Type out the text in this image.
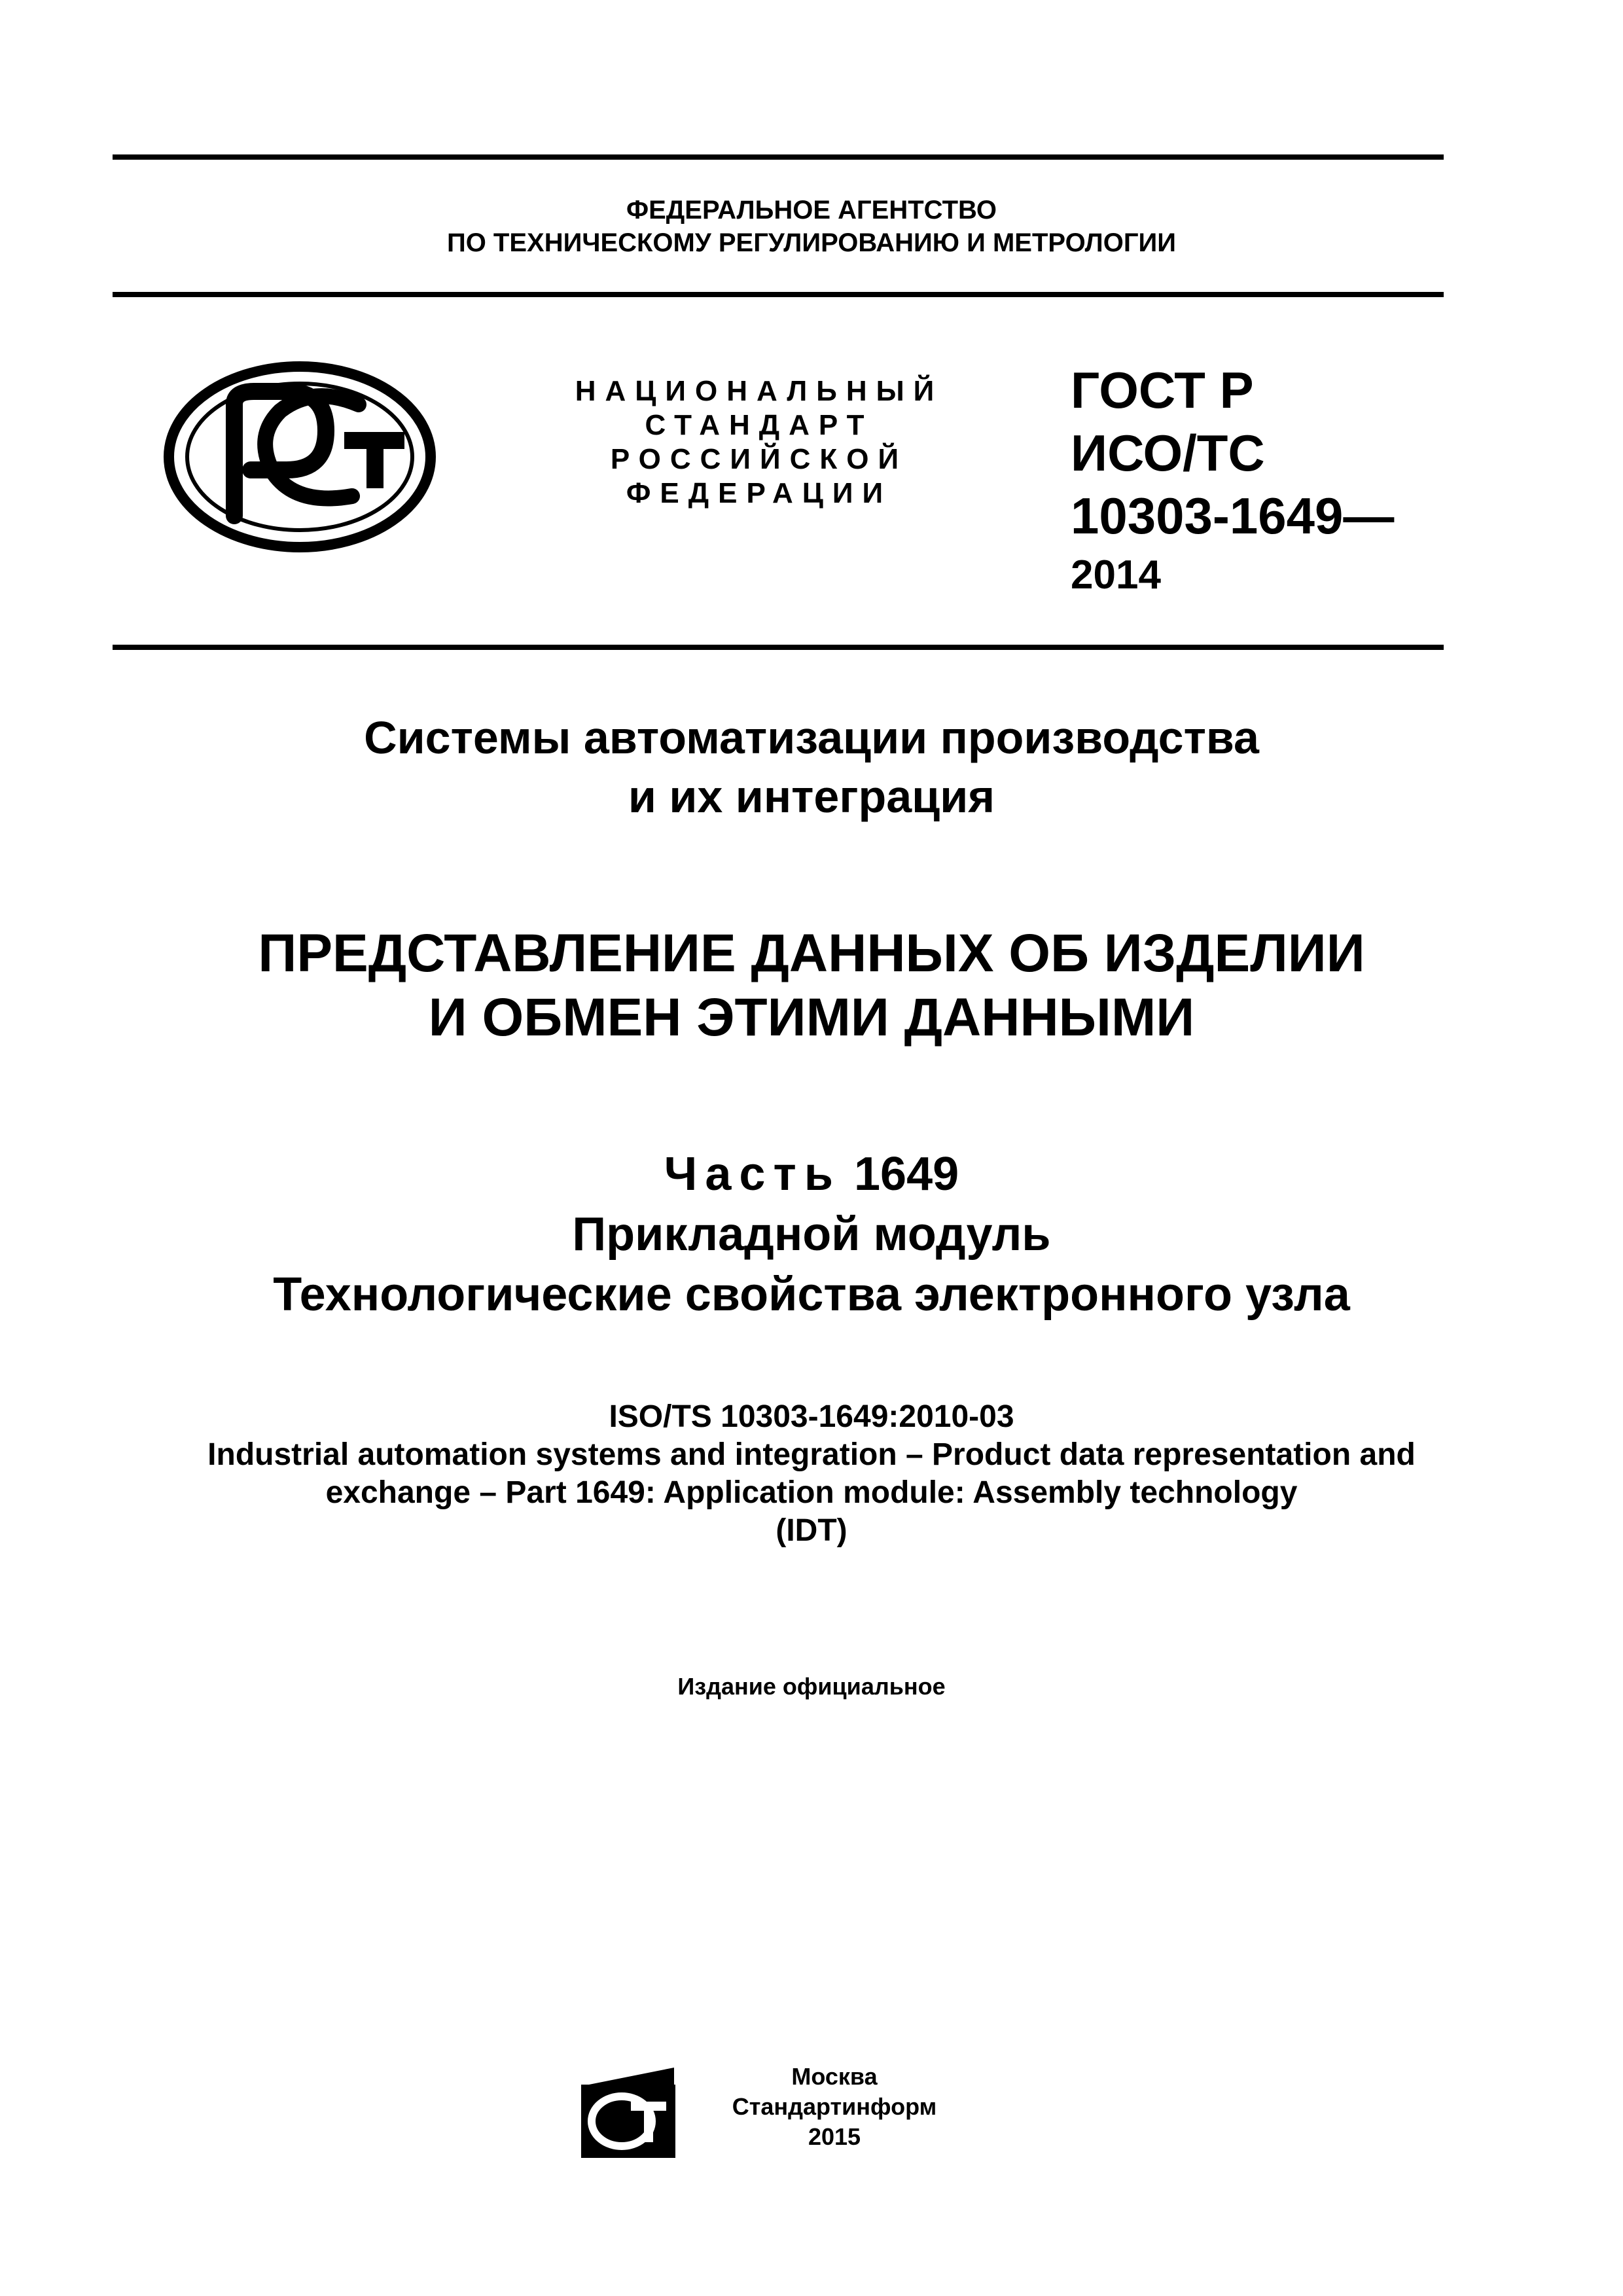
ФЕДЕРАЛЬНОЕ АГЕНТСТВО
ПО ТЕХНИЧЕСКОМУ РЕГУЛИРОВАНИЮ И МЕТРОЛОГИИ
НАЦИОНАЛЬНЫЙ
СТАНДАРТ
РОССИЙСКОЙ
ФЕДЕРАЦИИ
ГОСТ Р
ИСО/ТС
10303-1649—
2014
Системы автоматизации производства
и их интеграция
ПРЕДСТАВЛЕНИЕ ДАННЫХ ОБ ИЗДЕЛИИ
И ОБМЕН ЭТИМИ ДАННЫМИ
Часть 1649
Прикладной модуль
Технологические свойства электронного узла
ISO/TS 10303-1649:2010-03
Industrial automation systems and integration – Product data representation and
exchange – Part 1649: Application module: Assembly technology
(IDT)
Издание официальное
Москва
Стандартинформ
2015
